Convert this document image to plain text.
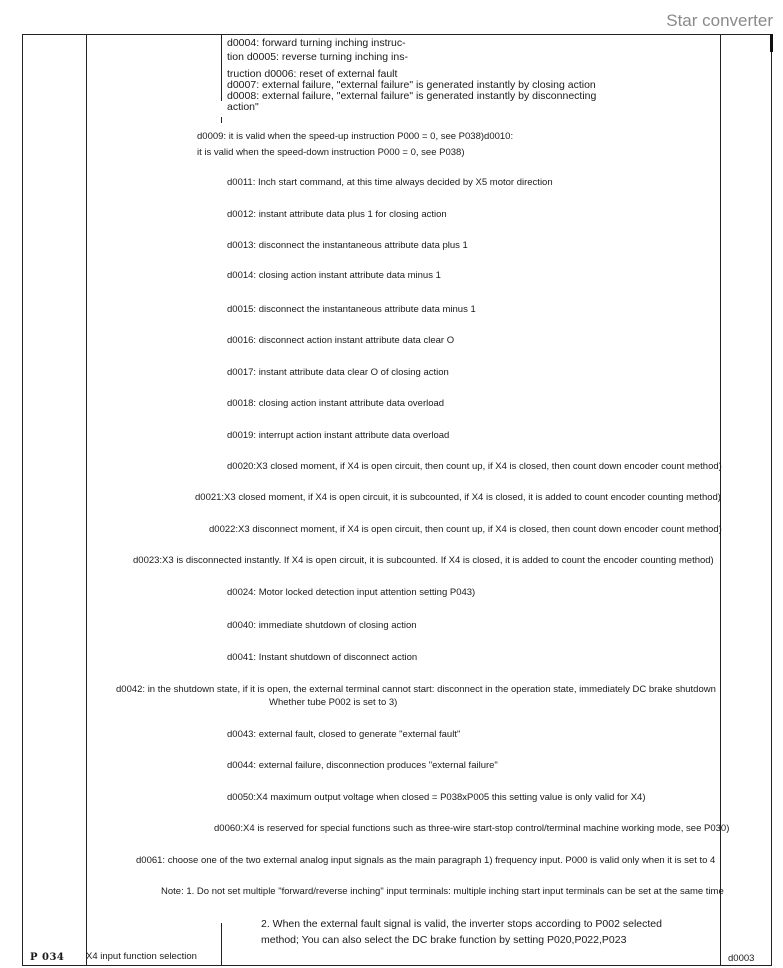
Star converter
d0004: forward turning inching instruc-
tion d0005: reverse turning inching ins-
truction d0006: reset of external fault
d0007: external failure, "external failure" is generated instantly by closing action
d0008: external failure, "external failure" is generated instantly by disconnecting
action"
d0009: it is valid when the speed-up instruction P000 = 0, see P038)d0010:
it is valid when the speed-down instruction P000 = 0, see P038)
d0011: Inch start command, at this time always decided by X5 motor direction
d0012: instant attribute data plus 1 for closing action
d0013: disconnect the instantaneous attribute data plus 1
d0014: closing action instant attribute data minus 1
d0015: disconnect the instantaneous attribute data minus 1
d0016: disconnect action instant attribute data clear O
d0017: instant attribute data clear O of closing action
d0018: closing action instant attribute data overload
d0019: interrupt action instant attribute data overload
d0020:X3 closed moment, if X4 is open circuit, then count up, if X4 is closed, then count down encoder count method)
d0021:X3 closed moment, if X4 is open circuit, it is subcounted, if X4 is closed, it is added to count encoder counting method)
d0022:X3 disconnect moment, if X4 is open circuit, then count up, if X4 is closed, then count down encoder count method)
d0023:X3 is disconnected instantly. If X4 is open circuit, it is subcounted. If X4 is closed, it is added to count the encoder counting method)
d0024: Motor locked detection input attention setting P043)
d0040: immediate shutdown of closing action
d0041: Instant shutdown of disconnect action
d0042: in the shutdown state, if it is open, the external terminal cannot start: disconnect in the operation state, immediately DC brake shutdown
Whether tube P002 is set to 3)
d0043: external fault, closed to generate "external fault"
d0044: external failure, disconnection produces "external failure"
d0050:X4 maximum output voltage when closed = P038xP005 this setting value is only valid for X4)
d0060:X4 is reserved for special functions such as three-wire start-stop control/terminal machine working mode, see P030)
d0061: choose one of the two external analog input signals as the main paragraph 1) frequency input. P000 is valid only when it is set to 4
Note: 1. Do not set multiple "forward/reverse inching" input terminals: multiple inching start input terminals can be set at the same time
2. When the external fault signal is valid, the inverter stops according to P002 selected
method; You can also select the DC brake function by setting P020,P022,P023
P 034 X4 input function selection	d0003
